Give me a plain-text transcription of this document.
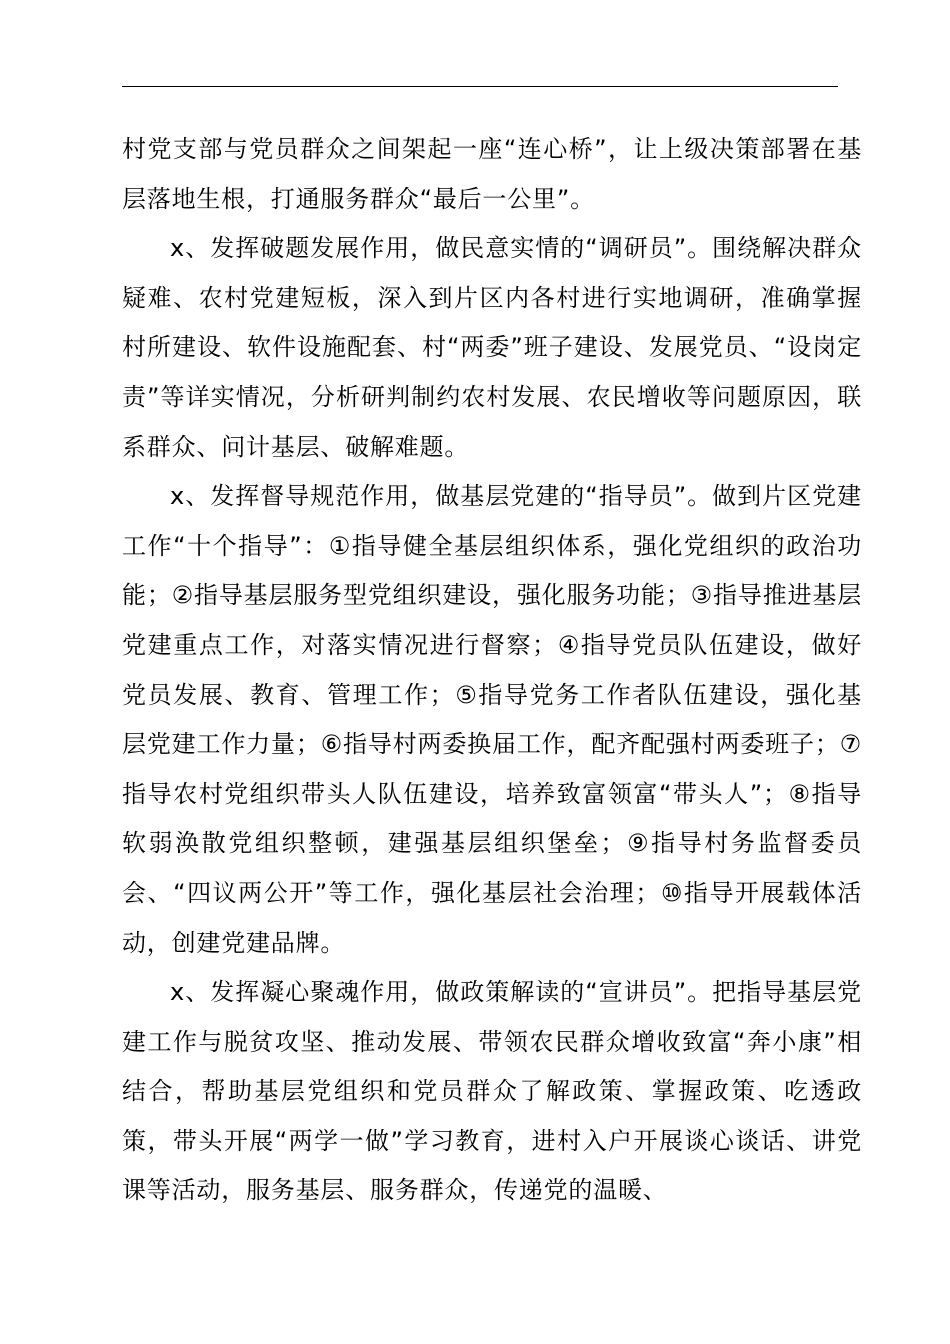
村党支部与党员群众之间架起一座“连心桥”，让上级决策部署在基层落地生根，打通服务群众“最后一公里”。

x、发挥破题发展作用，做民意实情的“调研员”。围绕解决群众疑难、农村党建短板，深入到片区内各村进行实地调研，准确掌握村所建设、软件设施配套、村“两委”班子建设、发展党员、“设岗定责”等详实情况，分析研判制约农村发展、农民增收等问题原因，联系群众、问计基层、破解难题。

x、发挥督导规范作用，做基层党建的“指导员”。做到片区党建工作“十个指导”：①指导健全基层组织体系，强化党组织的政治功能；②指导基层服务型党组织建设，强化服务功能；③指导推进基层党建重点工作，对落实情况进行督察；④指导党员队伍建设，做好党员发展、教育、管理工作；⑤指导党务工作者队伍建设，强化基层党建工作力量；⑥指导村两委换届工作，配齐配强村两委班子；⑦指导农村党组织带头人队伍建设，培养致富领富“带头人”；⑧指导软弱涣散党组织整顿，建强基层组织堡垒；⑨指导村务监督委员会、“四议两公开”等工作，强化基层社会治理；⑩指导开展载体活动，创建党建品牌。

x、发挥凝心聚魂作用，做政策解读的“宣讲员”。把指导基层党建工作与脱贫攻坚、推动发展、带领农民群众增收致富“奔小康”相结合，帮助基层党组织和党员群众了解政策、掌握政策、吃透政策，带头开展“两学一做”学习教育，进村入户开展谈心谈话、讲党课等活动，服务基层、服务群众，传递党的温暖、
